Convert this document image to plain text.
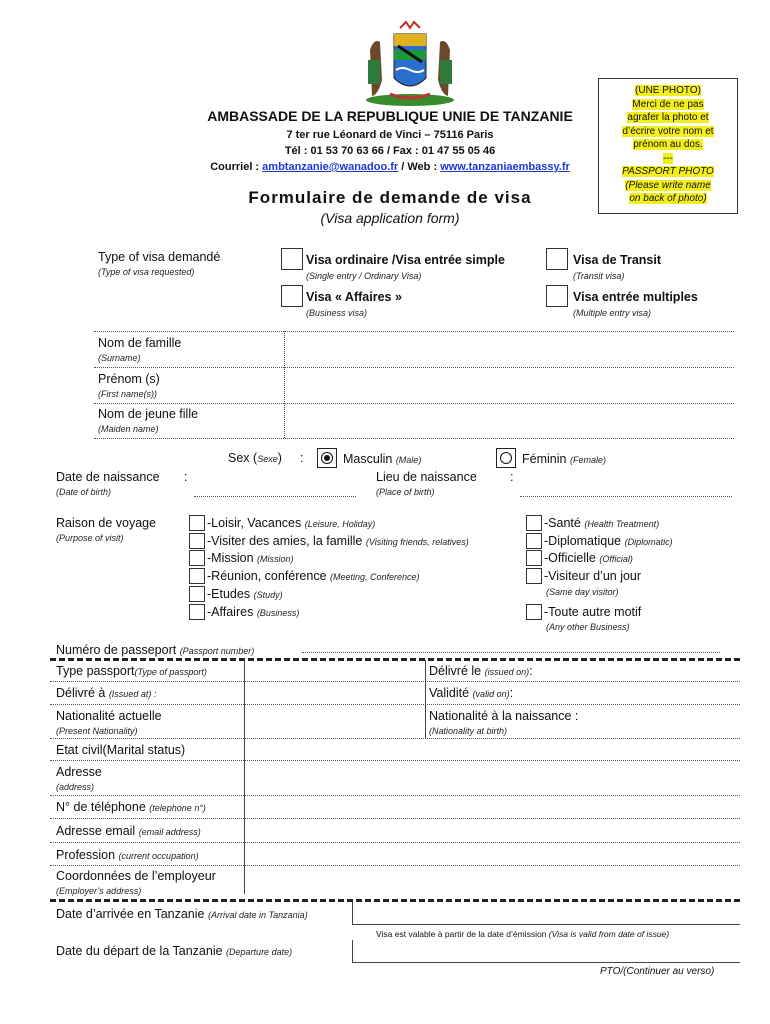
AMBASSADE DE LA REPUBLIQUE UNIE DE TANZANIE
7 ter rue Léonard de Vinci – 75116 Paris
Tél : 01 53 70 63 66 / Fax : 01 47 55 05 46
Courriel : ambtanzanie@wanadoo.fr / Web : www.tanzaniaembassy.fr
Formulaire de demande de visa
(Visa application form)
(UNE PHOTO)
Merci de ne pas
agrafer la photo et
d’écrire votre nom et
prénom au dos.
---
PASSPORT PHOTO
(Please write name
on back of photo)
Type of visa demandé
(Type of visa requested)
Visa ordinaire /Visa entrée simple
(Single entry / Ordinary Visa)
Visa « Affaires »
(Business visa)
Visa de Transit
(Transit visa)
Visa entrée multiples
(Multiple entry visa)
Nom de famille
(Surname)
Prénom (s)
(First name(s))
Nom de jeune fille
(Maiden name)
Sex (Sexe) :	Masculin (Male)	Féminin (Female)
Date de naissance :
(Date of birth)
Lieu de naissance	:
(Place of birth)
Raison de voyage
(Purpose of visit)
-Loisir, Vacances (Leisure, Holiday)
-Visiter des amies, la famille (Visiting friends, relatives)
-Mission (Mission)
-Réunion, conférence (Meeting, Conference)
-Etudes (Study)
-Affaires (Business)
-Santé (Health Treatment)
-Diplomatique (Diplomatic)
-Officielle (Official)
-Visiteur d’un jour
(Same day visitor)
-Toute autre motif
(Any other Business)
Numéro de passeport (Passport number)
Type passport(Type of passport)	Délivré le (issued on):
Délivré à (Issued at) :	Validité (valid on):
Nationalité actuelle
(Present Nationality)
Nationalité à la naissance :
(Nationality at birth)
Etat civil(Marital status)
Adresse
(address)
N° de téléphone (telephone n°)
Adresse email (email address)
Profession (current occupation)
Coordonnées de l’employeur
(Employer’s address)
Date d’arrivée en Tanzanie (Arrival date in Tanzania)
Visa est valable à partir de la date d’émission (Visa is valid from date of issue)
Date du départ de la Tanzanie (Departure date)
PTO/(Continuer au verso)
